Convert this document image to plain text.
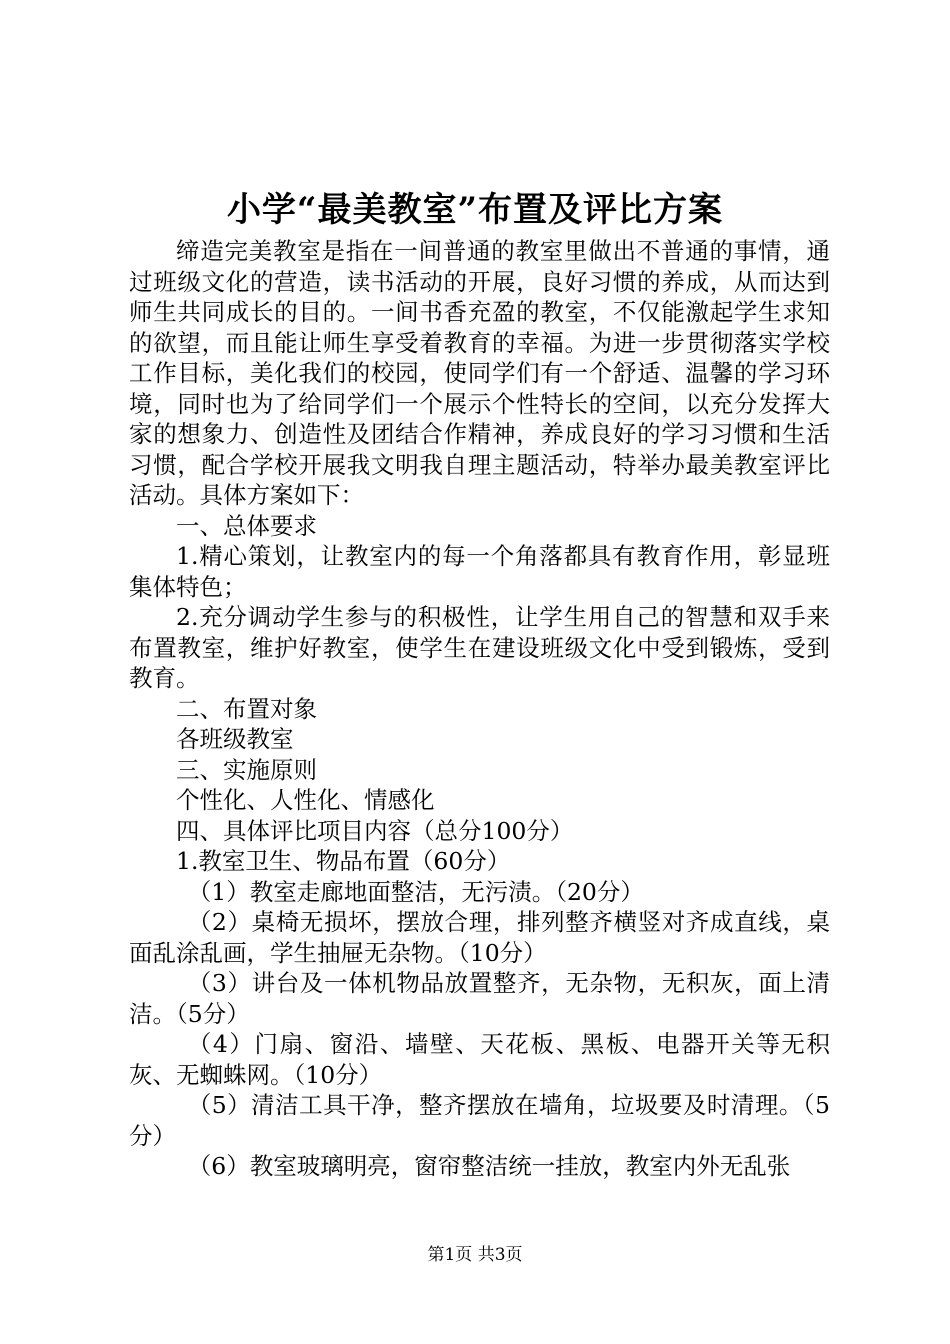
小学“最美教室”布置及评比方案

缔造完美教室是指在一间普通的教室里做出不普通的事情，通过班级文化的营造，读书活动的开展，良好习惯的养成，从而达到师生共同成长的目的。一间书香充盈的教室，不仅能激起学生求知的欲望，而且能让师生享受着教育的幸福。为进一步贯彻落实学校工作目标，美化我们的校园，使同学们有一个舒适、温馨的学习环境，同时也为了给同学们一个展示个性特长的空间，以充分发挥大家的想象力、创造性及团结合作精神，养成良好的学习习惯和生活习惯，配合学校开展我文明我自理主题活动，特举办最美教室评比活动。具体方案如下：

一、总体要求

1.精心策划，让教室内的每一个角落都具有教育作用，彰显班集体特色；

2.充分调动学生参与的积极性，让学生用自己的智慧和双手来布置教室，维护好教室，使学生在建设班级文化中受到锻炼，受到教育。

二、布置对象

各班级教室

三、实施原则

个性化、人性化、情感化

四、具体评比项目内容（总分100分）

1.教室卫生、物品布置（60分）

（1）教室走廊地面整洁，无污渍。（20分）

（2）桌椅无损坏，摆放合理，排列整齐横竖对齐成直线，桌面乱涂乱画，学生抽屉无杂物。（10分）

（3）讲台及一体机物品放置整齐，无杂物，无积灰，面上清洁。（5分）

（4）门扇、窗沿、墙壁、天花板、黑板、电器开关等无积灰、无蜘蛛网。（10分）

（5）清洁工具干净，整齐摆放在墙角，垃圾要及时清理。（5分）

（6）教室玻璃明亮，窗帘整洁统一挂放，教室内外无乱张

第1页 共3页
